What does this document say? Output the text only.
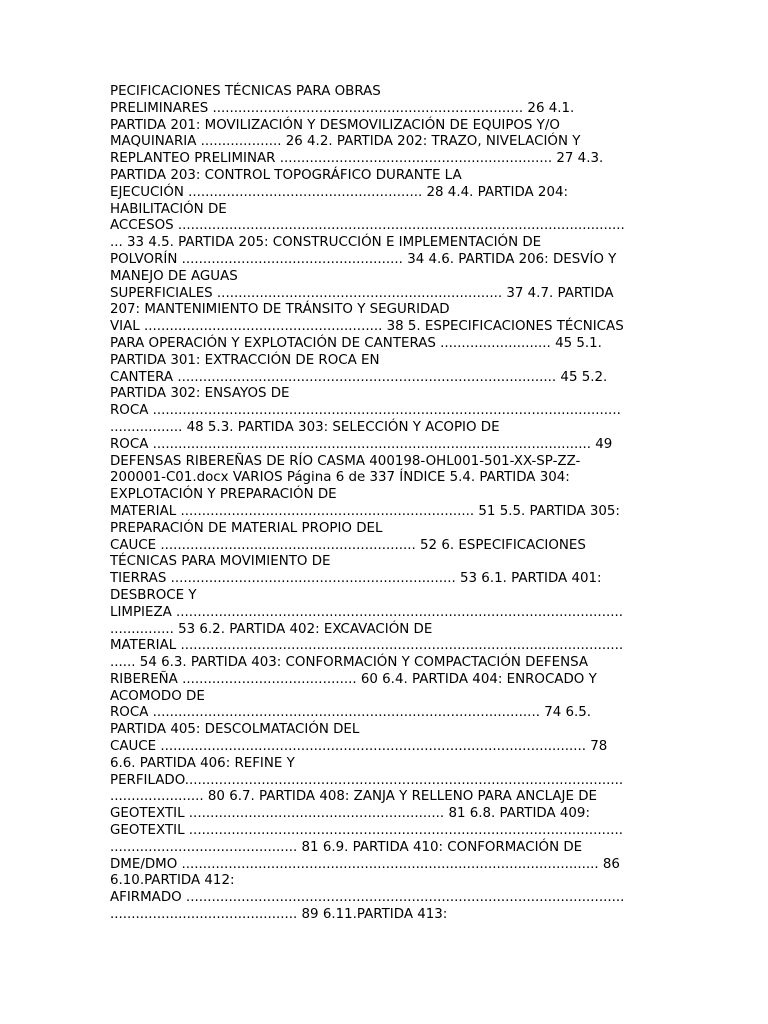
PECIFICACIONES TÉCNICAS PARA OBRAS
PRELIMINARES ......................................................................... 26 4.1.
PARTIDA 201: MOVILIZACIÓN Y DESMOVILIZACIÓN DE EQUIPOS Y/O
MAQUINARIA ................... 26 4.2. PARTIDA 202: TRAZO, NIVELACIÓN Y
REPLANTEO PRELIMINAR ................................................................ 27 4.3.
PARTIDA 203: CONTROL TOPOGRÁFICO DURANTE LA
EJECUCIÓN ....................................................... 28 4.4. PARTIDA 204:
HABILITACIÓN DE
ACCESOS .........................................................................................................
... 33 4.5. PARTIDA 205: CONSTRUCCIÓN E IMPLEMENTACIÓN DE
POLVORÍN .................................................... 34 4.6. PARTIDA 206: DESVÍO Y
MANEJO DE AGUAS
SUPERFICIALES ................................................................... 37 4.7. PARTIDA
207: MANTENIMIENTO DE TRÁNSITO Y SEGURIDAD
VIAL ........................................................ 38 5. ESPECIFICACIONES TÉCNICAS
PARA OPERACIÓN Y EXPLOTACIÓN DE CANTERAS .......................... 45 5.1.
PARTIDA 301: EXTRACCIÓN DE ROCA EN
CANTERA ......................................................................................... 45 5.2.
PARTIDA 302: ENSAYOS DE
ROCA ..............................................................................................................
................. 48 5.3. PARTIDA 303: SELECCIÓN Y ACOPIO DE
ROCA ....................................................................................................... 49
DEFENSAS RIBEREÑAS DE RÍO CASMA 400198-OHL001-501-XX-SP-ZZ-
200001-C01.docx VARIOS Página 6 de 337 ÍNDICE 5.4. PARTIDA 304:
EXPLOTACIÓN Y PREPARACIÓN DE
MATERIAL ..................................................................... 51 5.5. PARTIDA 305:
PREPARACIÓN DE MATERIAL PROPIO DEL
CAUCE ............................................................ 52 6. ESPECIFICACIONES
TÉCNICAS PARA MOVIMIENTO DE
TIERRAS ................................................................... 53 6.1. PARTIDA 401:
DESBROCE Y
LIMPIEZA .........................................................................................................
............... 53 6.2. PARTIDA 402: EXCAVACIÓN DE
MATERIAL ........................................................................................................
...... 54 6.3. PARTIDA 403: CONFORMACIÓN Y COMPACTACIÓN DEFENSA
RIBEREÑA ......................................... 60 6.4. PARTIDA 404: ENROCADO Y
ACOMODO DE
ROCA ........................................................................................... 74 6.5.
PARTIDA 405: DESCOLMATACIÓN DEL
CAUCE .................................................................................................... 78
6.6. PARTIDA 406: REFINE Y
PERFILADO.......................................................................................................
...................... 80 6.7. PARTIDA 408: ZANJA Y RELLENO PARA ANCLAJE DE
GEOTEXTIL ............................................................ 81 6.8. PARTIDA 409:
GEOTEXTIL ......................................................................................................
............................................ 81 6.9. PARTIDA 410: CONFORMACIÓN DE
DME/DMO .................................................................................................. 86
6.10.PARTIDA 412:
AFIRMADO .......................................................................................................
............................................ 89 6.11.PARTIDA 413:
